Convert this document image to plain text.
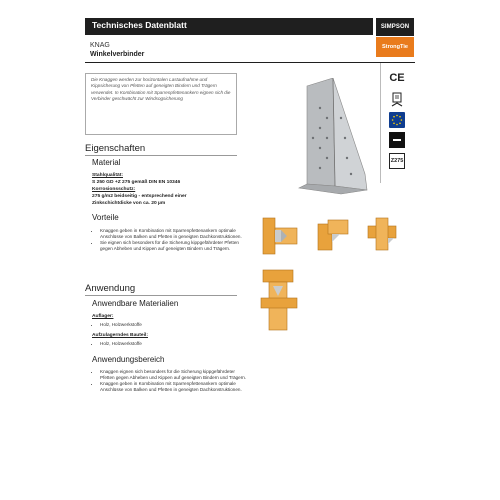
Technisches Datenblatt	SIMPSON
StrongTie
KNAG
Winkelverbinder

Die Knaggen werden zur horizontalen Lastaufnahme und Kippsicherung von Pfetten auf geneigten Bindern und Trägern verwendet. In Kombination mit Sparrenpfettenankern eignen sich die Verbinder geschwächt zur Windsogsicherung

Eigenschaften
Material
Stahlqualität:
S 250 GD +Z 275 gemäß DIN EN 10346
Korrosionsschutz:
275 g/m2 beidseitig - entsprechend einer
Zinkschichtdicke von ca. 20 µm
Vorteile
• Knaggen geben in Kombination mit Sparrenpfettenankern optimale Anschlüsse von Balken und Pfetten in geneigten Dachkonstruktionen.
• Sie eignen sich besonders für die Sicherung kippgefährdeter Pfetten gegen Abheben und Kippen auf geneigten Bindern und Trägern.
Anwendung
Anwendbare Materialien
Auflager:
• Holz, Holzwerkstoffe
Aufzulagerndes Bauteil:
• Holz, Holzwerkstoffe
Anwendungsbereich
• Knaggen eignen sich besonders für die Sicherung kippgefährdeter Pfetten gegen Abheben und Kippen auf geneigten Bindern und Trägern.
• Knaggen geben in Kombination mit Sparrenpfettenankern optimale Anschlüsse von Balken und Pfetten in geneigten Dachkonstruktionen.
CE
Z275
